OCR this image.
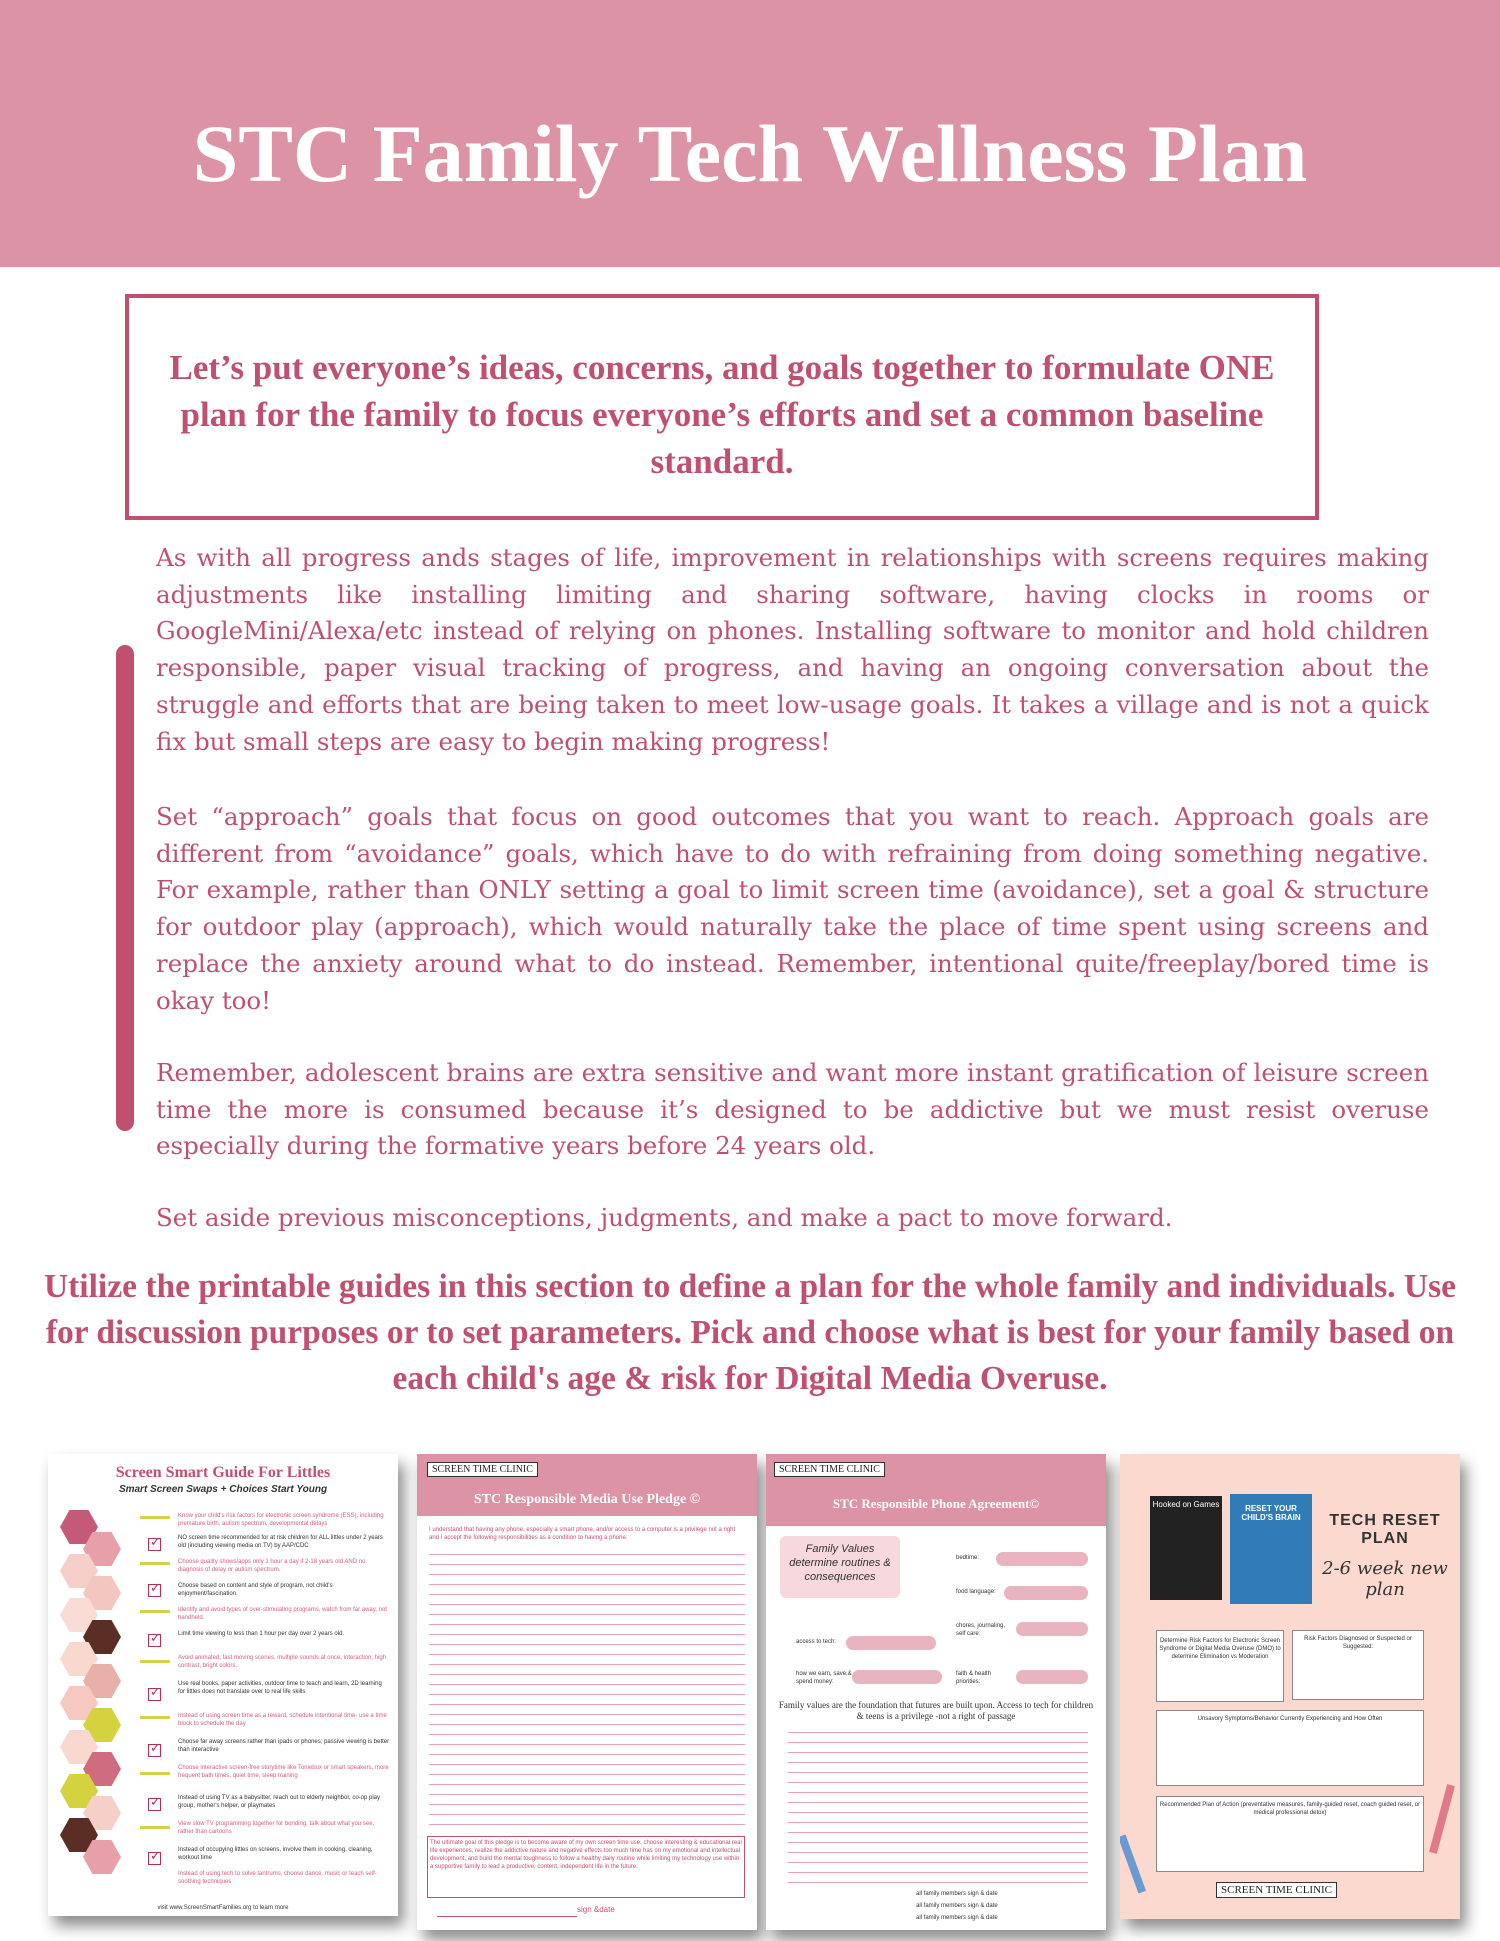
STC Family Tech Wellness Plan

Let’s put everyone’s ideas, concerns, and goals together to formulate ONE plan for the family to focus everyone’s efforts and set a common baseline standard.

As with all progress ands stages of life, improvement in relationships with screens requires making adjustments like installing limiting and sharing software, having clocks in rooms or GoogleMini/Alexa/etc instead of relying on phones. Installing software to monitor and hold children responsible, paper visual tracking of progress, and having an ongoing conversation about the struggle and efforts that are being taken to meet low-usage goals. It takes a village and is not a quick fix but small steps are easy to begin making progress!

Set “approach” goals that focus on good outcomes that you want to reach. Approach goals are different from “avoidance” goals, which have to do with refraining from doing something negative. For example, rather than ONLY setting a goal to limit screen time (avoidance), set a goal & structure for outdoor play (approach), which would naturally take the place of time spent using screens and replace the anxiety around what to do instead. Remember, intentional quite/freeplay/bored time is okay too!

Remember, adolescent brains are extra sensitive and want more instant gratification of leisure screen time the more is consumed because it’s designed to be addictive but we must resist overuse especially during the formative years before 24 years old.

Set aside previous misconceptions, judgments, and make a pact to move forward.

Utilize the printable guides in this section to define a plan for the whole family and individuals. Use for discussion purposes or to set parameters. Pick and choose what is best for your family based on each child's age & risk for Digital Media Overuse.

Screen Smart Guide For Littles
Smart Screen Swaps + Choices Start Young
✓
✓
✓
✓
✓
✓
✓
Know your child's risk factors for electronic screen syndrome (ESS), including premature birth, autism spectrum, developmental delays
NO screen time recommended for at risk children for ALL littles under 2 years old (including viewing media on TV) by AAP/CDC
Choose quality shows/apps only 1 hour a day if 2-18 years old AND no diagnosis of delay or autism spectrum.
Choose based on content and style of program, not child's enjoyment/fascination.
Identify and avoid types of over-stimulating programs, watch from far away, not handheld.
Limit time viewing to less than 1 hour per day over 2 years old.
Avoid animated, fast moving scenes, multiple sounds at once, interaction, high contrast, bright colors.
Use real books, paper activities, outdoor time to teach and learn, 2D learning for littles does not translate over to real life skills
Instead of using screen time as a reward, schedule intentional time- use a time block to schedule the day
Choose far away screens rather than ipads or phones; passive viewing is better than interactive
Choose interactive screen-free storytime like Toniebox or smart speakers, more frequent bath times, quiet time, sleep training
Instead of using TV as a babysitter, reach out to elderly neighbor, co-op play group, mother's helper, or playmates
View slow TV programming together for bonding, talk about what you see, rather than cartoons
Instead of occupying littles on screens, involve them in cooking, cleaning, workout time
Instead of using tech to solve tantrums, choose dance, music or teach self-soothing techniques
visit www.ScreenSmartFamilies.org to learn more
SCREEN TIME CLINIC
STC Responsible Media Use Pledge ©
I understand that having any phone, especially a smart phone, and/or access to a computer is a privilege not a right and I accept the following responsibilities as a condition to having a phone:
The ultimate goal of this pledge is to become aware of my own screen time use, choose interesting & educational real life experiences, realize the addictive nature and negative effects too much time has on my emotional and intellectual development, and build the mental toughness to follow a healthy daily routine while limiting my technology use within a supportive family to lead a productive, content, independent life in the future.
sign &date
SCREEN TIME CLINIC
STC Responsible Phone Agreement©
Family Values determine routines & consequences
bedtime:
food language:
chores, journaling, self care:
access to tech:
how we earn, save,& spend money:
faith & health priorities:
Family values are the foundation that futures are built upon. Access to tech for children & teens is a privilege -not a right of passage
all family members sign & date
all family members sign & date
all family members sign & date
Hooked on Games	RESET YOUR CHILD'S BRAIN	TECH RESET PLAN
2-6 week new plan
Determine Risk Factors for Electronic Screen Syndrome or Digital Media Overuse (DMO) to determine Elimination vs Moderation
Risk Factors Diagnosed or Suspected or Suggested:
Unsavory Symptoms/Behavior Currently Experiencing and How Often
Recommended Plan of Action (preventative measures, family-guided reset, coach guided reset, or medical professional detox)
SCREEN TIME CLINIC
